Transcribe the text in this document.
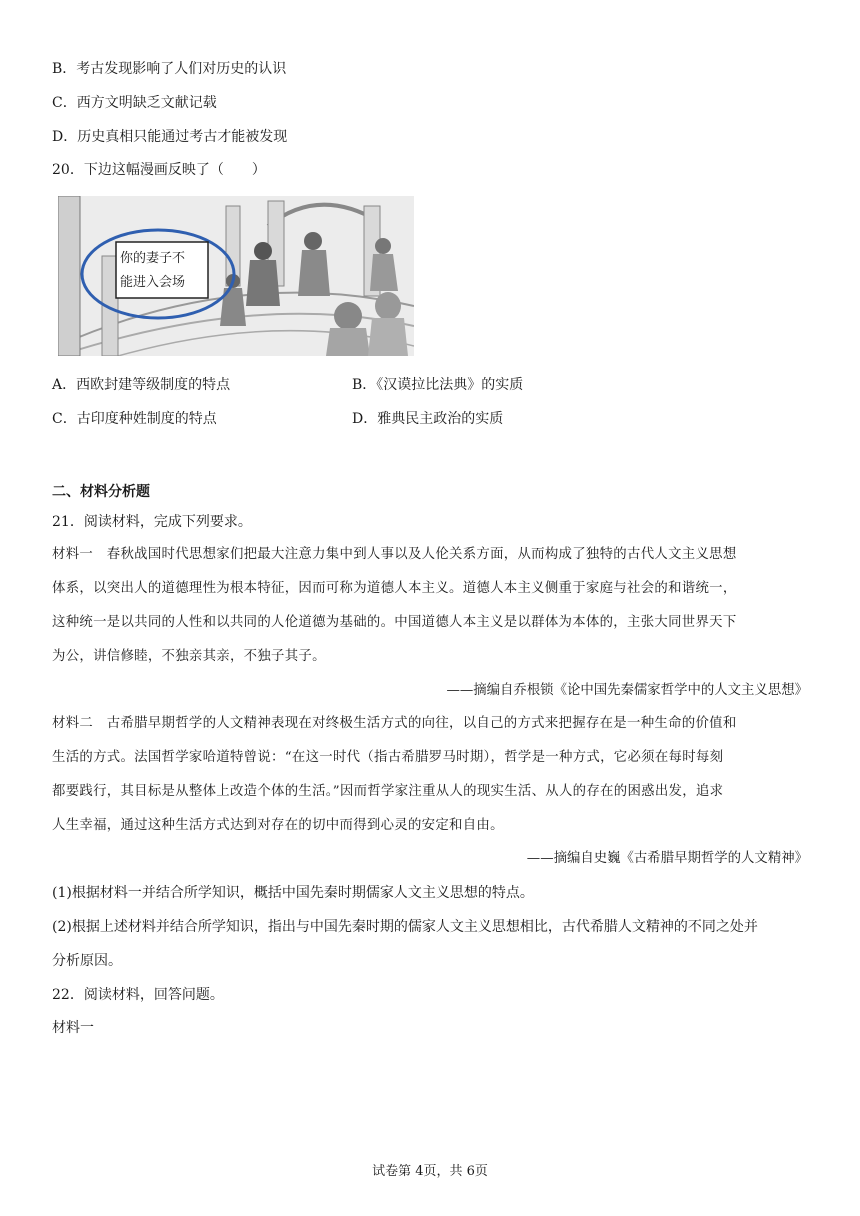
B．考古发现影响了人们对历史的认识
C．西方文明缺乏文献记载
D．历史真相只能通过考古才能被发现
20．下边这幅漫画反映了（　　）
你的妻子不
能进入会场
A．西欧封建等级制度的特点	B．《汉谟拉比法典》的实质
C．古印度种姓制度的特点	D．雅典民主政治的实质
二、材料分析题
21．阅读材料，完成下列要求。
材料一　春秋战国时代思想家们把最大注意力集中到人事以及人伦关系方面，从而构成了独特的古代人文主义思想
体系，以突出人的道德理性为根本特征，因而可称为道德人本主义。道德人本主义侧重于家庭与社会的和谐统一，
这种统一是以共同的人性和以共同的人伦道德为基础的。中国道德人本主义是以群体为本体的，主张大同世界天下
为公，讲信修睦，不独亲其亲，不独子其子。
——摘编自乔根锁《论中国先秦儒家哲学中的人文主义思想》
材料二　古希腊早期哲学的人文精神表现在对终极生活方式的向往，以自己的方式来把握存在是一种生命的价值和
生活的方式。法国哲学家哈道特曾说：“在这一时代（指古希腊罗马时期），哲学是一种方式，它必须在每时每刻
都要践行，其目标是从整体上改造个体的生活。”因而哲学家注重从人的现实生活、从人的存在的困惑出发，追求
人生幸福，通过这种生活方式达到对存在的切中而得到心灵的安定和自由。
——摘编自史巍《古希腊早期哲学的人文精神》
(1)根据材料一并结合所学知识，概括中国先秦时期儒家人文主义思想的特点。
(2)根据上述材料并结合所学知识，指出与中国先秦时期的儒家人文主义思想相比，古代希腊人文精神的不同之处并
分析原因。
22．阅读材料，回答问题。
材料一
试卷第 4页，共 6页
